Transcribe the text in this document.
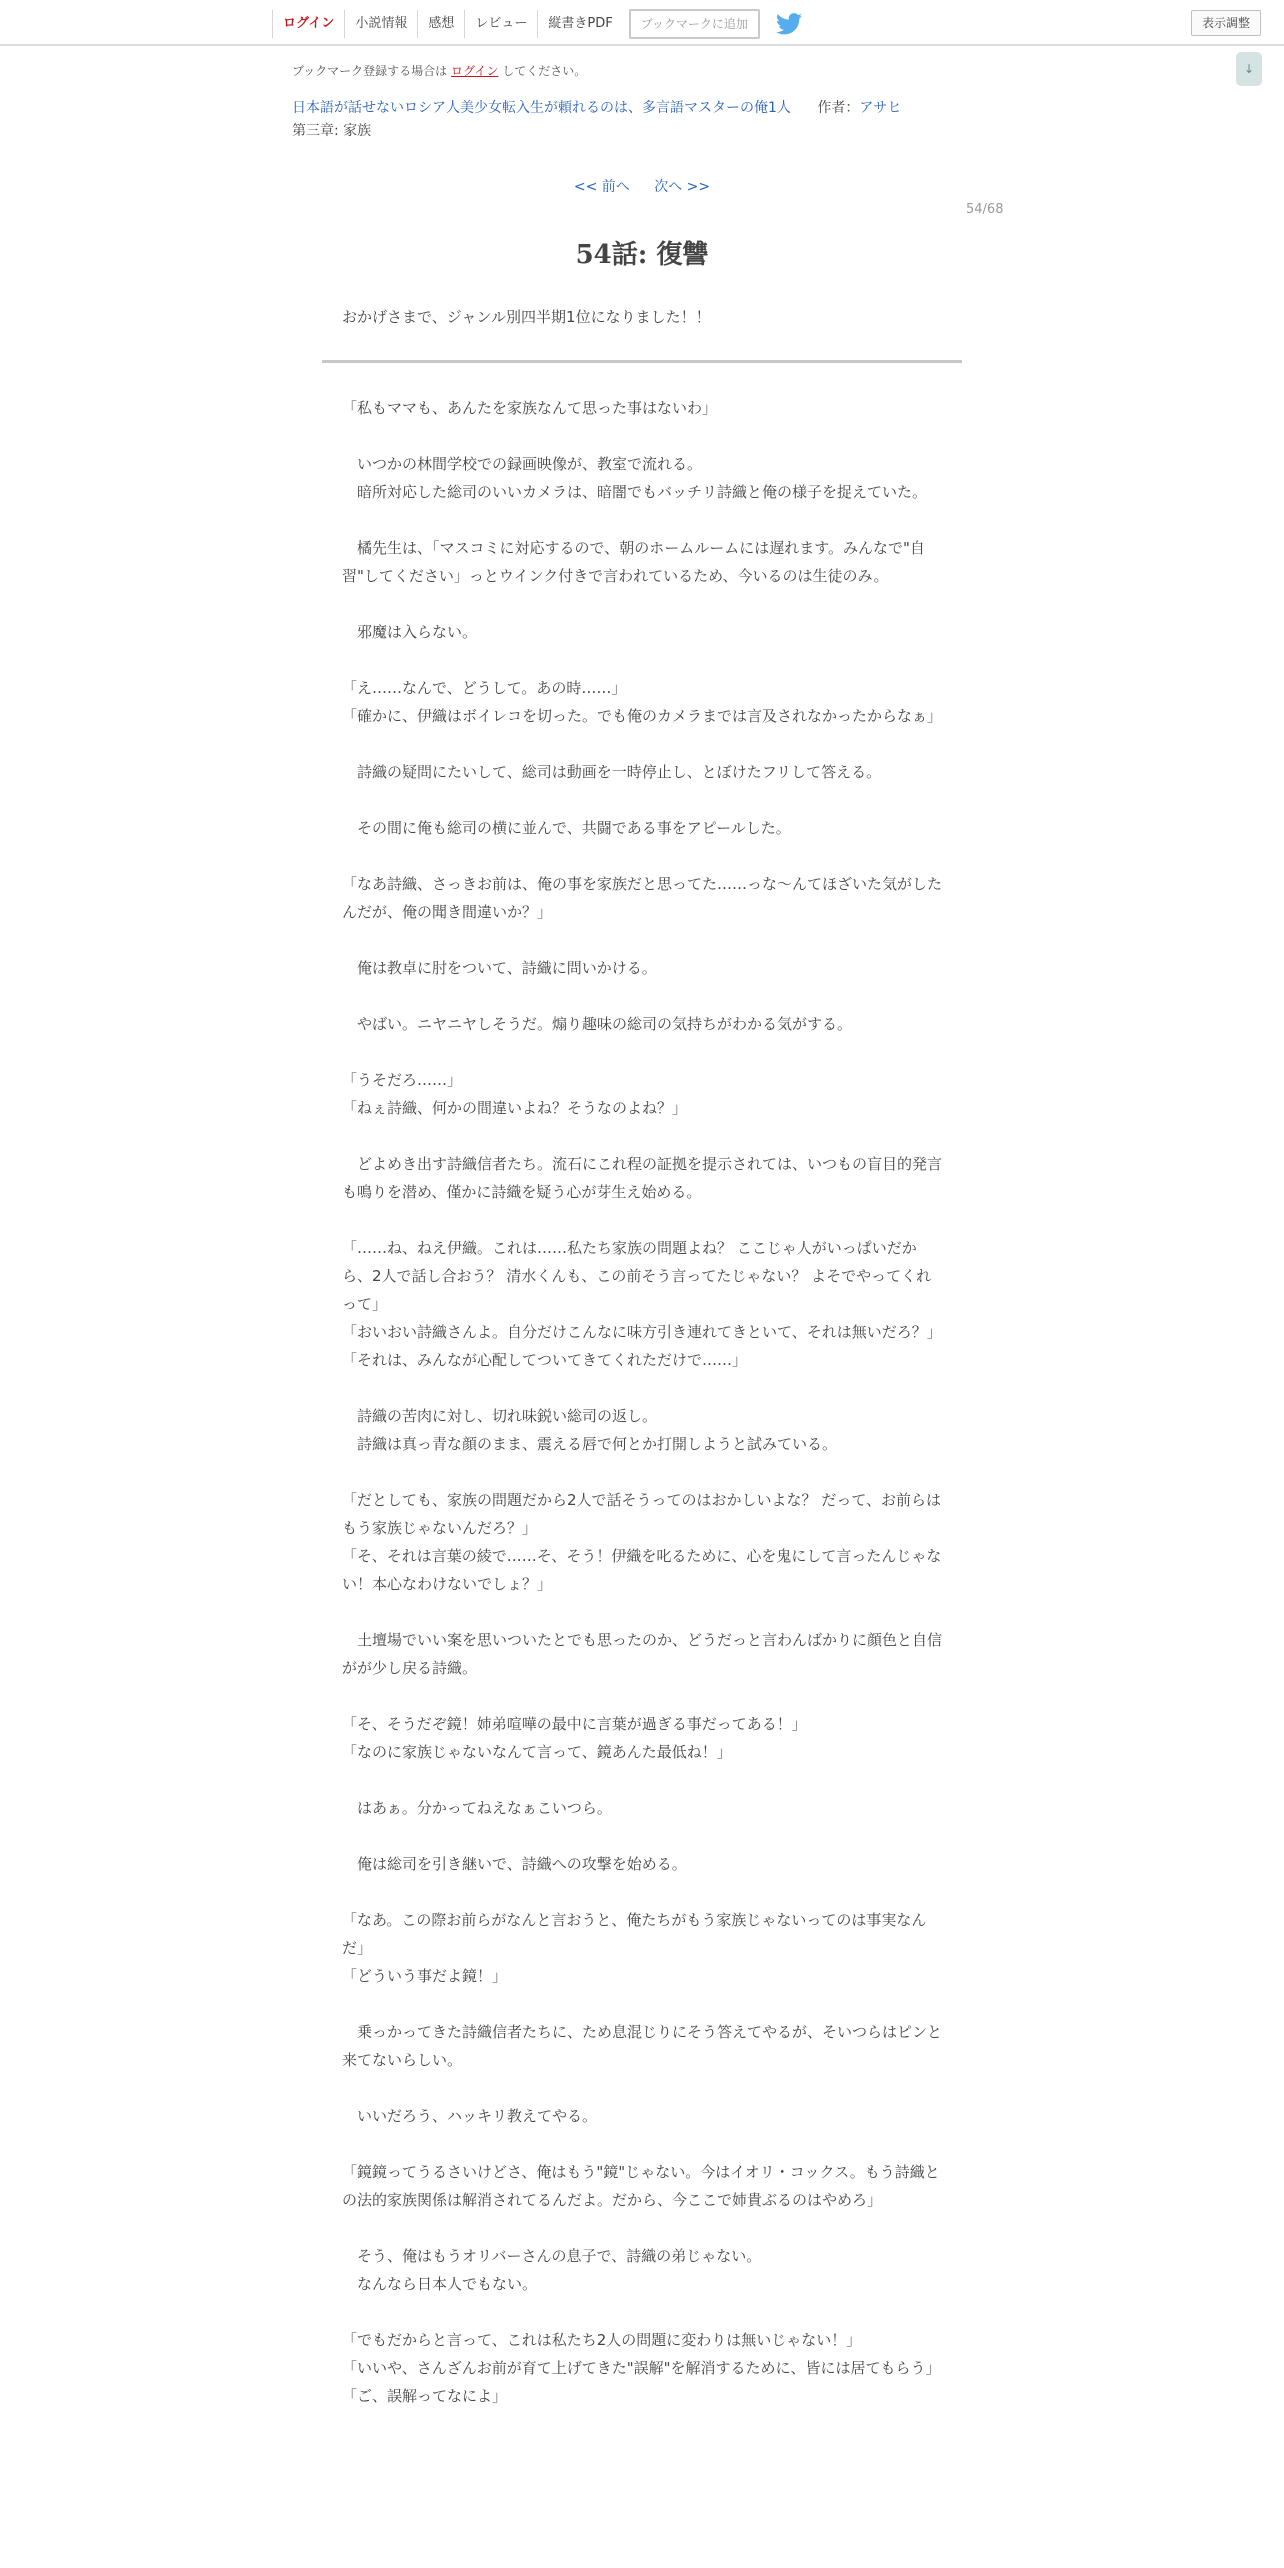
ログイン	小説情報	感想	レビュー	縦書きPDF	ブックマークに追加	表示調整
↓
ブックマーク登録する場合は ログイン してください。
日本語が話せないロシア人美少女転入生が頼れるのは、多言語マスターの俺1人 作者：アサヒ
第三章: 家族
<< 前へ 次へ >>
54/68
54話: 復讐
おかげさまで、ジャンル別四半期1位になりました！！

「私もママも、あんたを家族なんて思った事はないわ」

　いつかの林間学校での録画映像が、教室で流れる。

　暗所対応した総司のいいカメラは、暗闇でもバッチリ詩織と俺の様子を捉えていた。

　橘先生は、「マスコミに対応するので、朝のホームルームには遅れます。みんなで"自習"してください」っとウインク付きで言われているため、今いるのは生徒のみ。

　邪魔は入らない。

「え……なんで、どうして。あの時……」

「確かに、伊織はボイレコを切った。でも俺のカメラまでは言及されなかったからなぁ」

　詩織の疑問にたいして、総司は動画を一時停止し、とぼけたフリして答える。

　その間に俺も総司の横に並んで、共闘である事をアピールした。

「なあ詩織、さっきお前は、俺の事を家族だと思ってた……っな〜んてほざいた気がしたんだが、俺の聞き間違いか？」

　俺は教卓に肘をついて、詩織に問いかける。

　やばい。ニヤニヤしそうだ。煽り趣味の総司の気持ちがわかる気がする。

「うそだろ……」

「ねぇ詩織、何かの間違いよね？そうなのよね？」

　どよめき出す詩織信者たち。流石にこれ程の証拠を提示されては、いつもの盲目的発言も鳴りを潜め、僅かに詩織を疑う心が芽生え始める。

「……ね、ねえ伊織。これは……私たち家族の問題よね？ ここじゃ人がいっぱいだから、2人で話し合おう？ 清水くんも、この前そう言ってたじゃない？ よそでやってくれって」

「おいおい詩織さんよ。自分だけこんなに味方引き連れてきといて、それは無いだろ？」

「それは、みんなが心配してついてきてくれただけで……」

　詩織の苦肉に対し、切れ味鋭い総司の返し。

　詩織は真っ青な顔のまま、震える唇で何とか打開しようと試みている。

「だとしても、家族の問題だから2人で話そうってのはおかしいよな？ だって、お前らはもう家族じゃないんだろ？」

「そ、それは言葉の綾で……そ、そう！伊織を叱るために、心を鬼にして言ったんじゃない！本心なわけないでしょ？」

　土壇場でいい案を思いついたとでも思ったのか、どうだっと言わんばかりに顔色と自信がが少し戻る詩織。

「そ、そうだぞ鏡！姉弟喧嘩の最中に言葉が過ぎる事だってある！」

「なのに家族じゃないなんて言って、鏡あんた最低ね！」

　はあぁ。分かってねえなぁこいつら。

　俺は総司を引き継いで、詩織への攻撃を始める。

「なあ。この際お前らがなんと言おうと、俺たちがもう家族じゃないってのは事実なんだ」

「どういう事だよ鏡！」

　乗っかってきた詩織信者たちに、ため息混じりにそう答えてやるが、そいつらはピンと来てないらしい。

　いいだろう、ハッキリ教えてやる。

「鏡鏡ってうるさいけどさ、俺はもう"鏡"じゃない。今はイオリ・コックス。もう詩織との法的家族関係は解消されてるんだよ。だから、今ここで姉貴ぶるのはやめろ」

　そう、俺はもうオリバーさんの息子で、詩織の弟じゃない。

　なんなら日本人でもない。

「でもだからと言って、これは私たち2人の問題に変わりは無いじゃない！」

「いいや、さんざんお前が育て上げてきた"誤解"を解消するために、皆には居てもらう」

「ご、誤解ってなによ」
